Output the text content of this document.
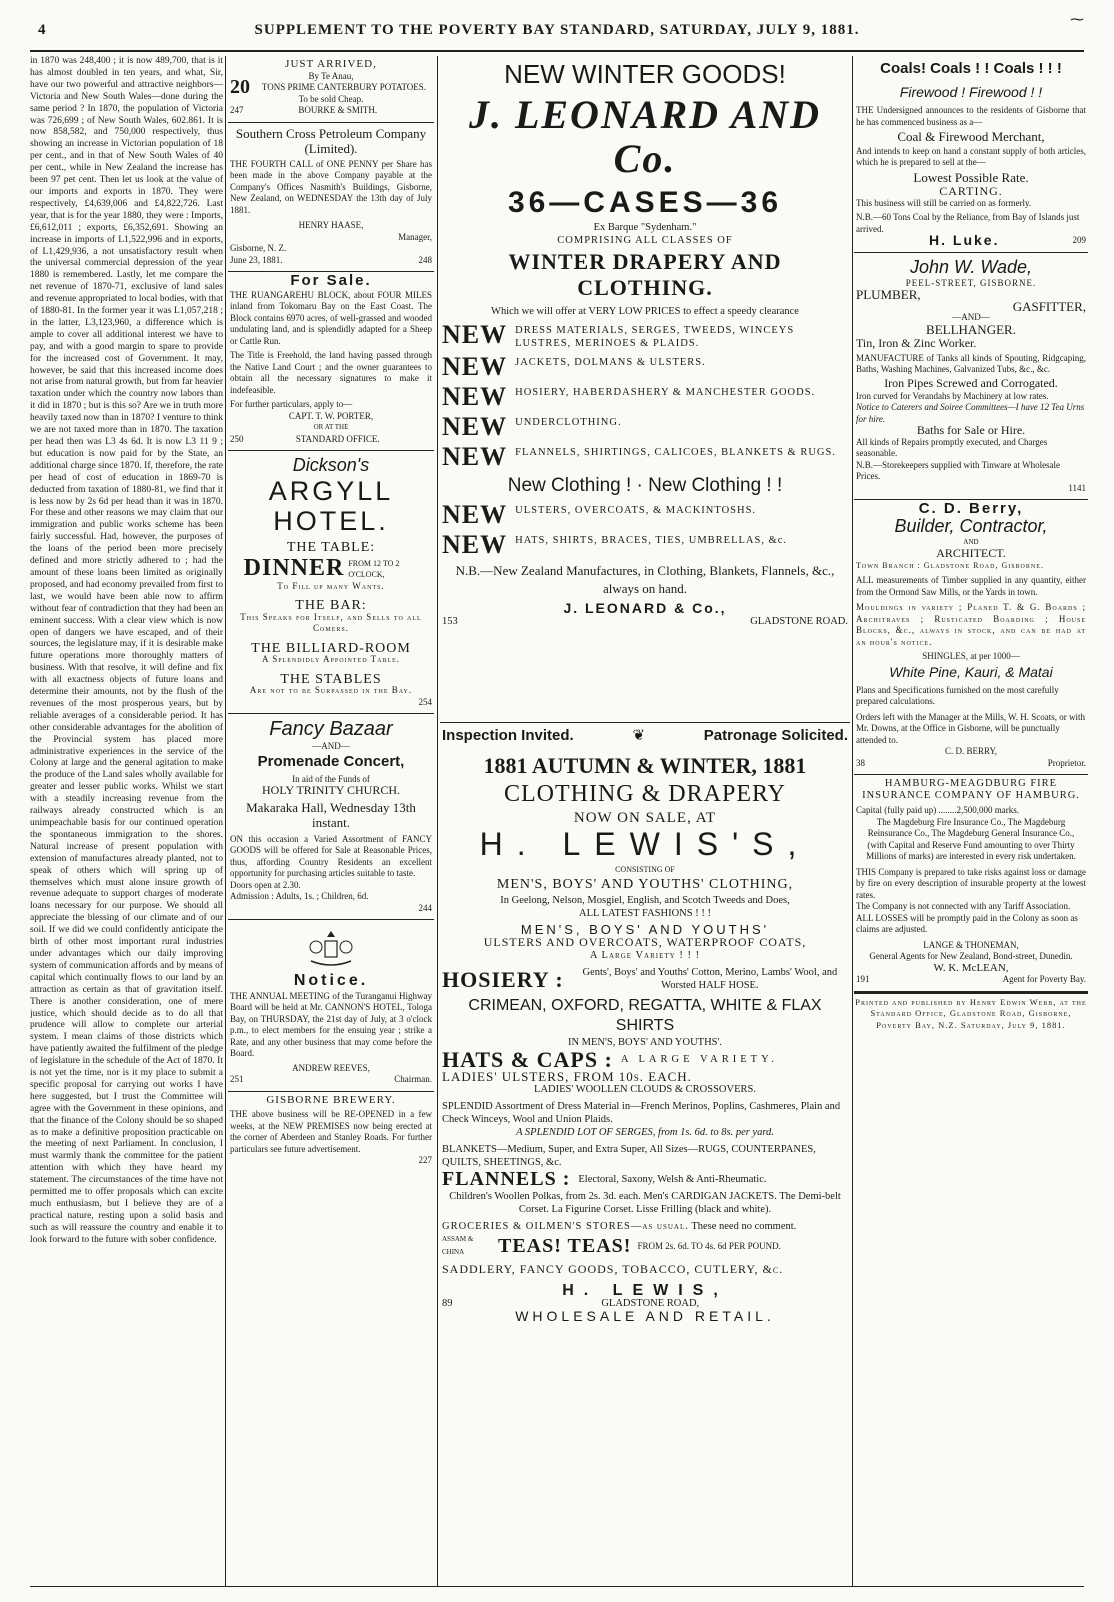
4	SUPPLEMENT TO THE POVERTY BAY STANDARD, SATURDAY, JULY 9, 1881.
⁓

in 1870 was 248,400 ; it is now 489,700, that is it has almost doubled in ten years, and what, Sir, have our two powerful and attractive neighbors—Victoria and New South Wales—done during the same period ? In 1870, the population of Victoria was 726,699 ; of New South Wales, 602.861. It is now 858,582, and 750,000 respectively, thus showing an increase in Victorian population of 18 per cent., and in that of New South Wales of 40 per cent., while in New Zealand the increase has been 97 pet cent. Then let us look at the value of our imports and exports in 1870. They were respectively, £4,639,006 and £4,822,726. Last year, that is for the year 1880, they were : Imports, £6,612,011 ; exports, £6,352,691. Showing an increase in imports of L1,522,996 and in exports, of L1,429,936, a not unsatisfactory result when the universal commercial depression of the year 1880 is remembered. Lastly, let me compare the net revenue of 1870-71, exclusive of land sales and revenue appropriated to local bodies, with that of 1880-81. In the former year it was L1,057,218 ; in the latter, L3,123,960, a difference which is ample to cover all additional interest we have to pay, and with a good margin to spare to provide for the increased cost of Government. It may, however, be said that this increased income does not arise from natural growth, but from far heavier taxation under which the country now labors than it did in 1870 ; but is this so? Are we in truth more heavily taxed now than in 1870? I venture to think we are not taxed more than in 1870. The taxation per head then was L3 4s 6d. It is now L3 11 9 ; but education is now paid for by the State, an additional charge since 1870. If, therefore, the rate per head of cost of education in 1869-70 is deducted from taxation of 1880-81, we find that it is less now by 2s 6d per head than it was in 1870. For these and other reasons we may claim that our immigration and public works scheme has been fairly successful. Had, however, the purposes of the loans of the period been more precisely defined and more strictly adhered to ; had the amount of these loans been limited as originally proposed, and had economy prevailed from first to last, we would have been able now to affirm without fear of contradiction that they had been an eminent success. With a clear view which is now open of dangers we have escaped, and of their sources, the legislature may, if it is desirable make future operations more thoroughly matters of business. With that resolve, it will define and fix with all exactness objects of future loans and determine their amounts, not by the flush of the revenues of the most prosperous years, but by reliable averages of a considerable period. It has other considerable advantages for the abolition of the Provincial system has placed more administrative experiences in the service of the Colony at large and the general agitation to make the produce of the Land sales wholly available for greater and lesser public works. Whilst we start with a steadily increasing revenue from the railways already constructed which is an unimpeachable basis for our continued operation the spontaneous immigration to the shores. Natural increase of present population with extension of manufactures already planted, not to speak of others which will spring up of themselves which must alone insure growth of revenue adequate to support charges of moderate loans necessary for our purpose. We should all appreciate the blessing of our climate and of our soil. If we did we could confidently anticipate the birth of other most important rural industries under advantages which our daily improving system of communication affords and by means of capital which continually flows to our land by an attraction as certain as that of gravitation itself. There is another consideration, one of mere justice, which should decide as to do all that prudence will allow to complete our arterial system. I mean claims of those districts which have patiently awaited the fulfilment of the pledge of legislature in the schedule of the Act of 1870. It is not yet the time, nor is it my place to submit a specific proposal for carrying out works I have here suggested, but I trust the Committee will agree with the Government in these opinions, and that the finance of the Colony should be so shaped as to make a definitive proposition practicable on the meeting of next Parliament. In conclusion, I must warmly thank the committee for the patient attention with which they have heard my statement. The circumstances of the time have not permitted me to offer proposals which can excite much enthusiasm, but I believe they are of a practical nature, resting upon a solid basis and such as will reassure the country and enable it to look forward to the future with sober confidence.

JUST ARRIVED,
By Te Anau,
20	TONS PRIME CANTERBURY POTATOES.
To be sold Cheap.
247	BOURKE & SMITH.
Southern Cross Petroleum Company (Limited).
THE FOURTH CALL of ONE PENNY per Share has been made in the above Company payable at the Company's Offices Nasmith's Buildings, Gisborne, New Zealand, on WEDNESDAY the 13th day of July 1881.
HENRY HAASE,
Manager,
Gisborne, N. Z.
June 23, 1881.	248
For Sale.
THE RUANGAREHU BLOCK, about FOUR MILES inland from Tokomaru Bay on the East Coast. The Block contains 6970 acres, of well-grassed and wooded undulating land, and is splendidly adapted for a Sheep or Cattle Run.
The Title is Freehold, the land having passed through the Native Land Court ; and the owner guarantees to obtain all the necessary signatures to make it indefeasible.
For further particulars, apply to—
CAPT. T. W. PORTER,
OR AT THE
250	STANDARD OFFICE.
Dickson's
ARGYLL HOTEL.
THE TABLE:
DINNER FROM 12 TO 2 O'CLOCK,
To Fill up many Wants.
THE BAR:
This Speaks for Itself, and Sells to all Comers.
THE BILLIARD-ROOM
A Splendidly Appointed Table.
THE STABLES
Are not to be Surpassed in the Bay.
254
Fancy Bazaar
—AND—
Promenade Concert,
In aid of the Funds of
HOLY TRINITY CHURCH.
Makaraka Hall, Wednesday 13th instant.
ON this occasion a Varied Assortment of FANCY GOODS will be offered for Sale at Reasonable Prices, thus, affording Country Residents an excellent opportunity for purchasing articles suitable to taste.
Doors open at 2.30.
Admission : Adults, 1s. ; Children, 6d.
244
Notice.
THE ANNUAL MEETING of the Turanganui Highway Board will be held at Mr. CANNON'S HOTEL, Tologa Bay, on THURSDAY, the 21st day of July, at 3 o'clock p.m., to elect members for the ensuing year ; strike a Rate, and any other business that may come before the Board.
ANDREW REEVES,
251	Chairman.
GISBORNE BREWERY.
THE above business will be RE-OPENED in a few weeks, at the NEW PREMISES now being erected at the corner of Aberdeen and Stanley Roads. For further particulars see future advertisement.
227
NEW WINTER GOODS!
J. LEONARD AND Co.
36—CASES—36
Ex Barque "Sydenham."
COMPRISING ALL CLASSES OF
WINTER DRAPERY AND CLOTHING.
Which we will offer at VERY LOW PRICES to effect a speedy clearance
NEW DRESS MATERIALS, SERGES, TWEEDS, WINCEYS LUSTRES, MERINOES & PLAIDS.
NEW JACKETS, DOLMANS & ULSTERS.
NEW HOSIERY, HABERDASHERY & MANCHESTER GOODS.
NEW UNDERCLOTHING.
NEW FLANNELS, SHIRTINGS, CALICOES, BLANKETS & RUGS.
New Clothing ! · New Clothing ! !
NEW ULSTERS, OVERCOATS, & MACKINTOSHS.
NEW HATS, SHIRTS, BRACES, TIES, UMBRELLAS, &c.
N.B.—New Zealand Manufactures, in Clothing, Blankets, Flannels, &c., always on hand.
J. LEONARD & Co.,
153	GLADSTONE ROAD.
Inspection Invited.	❦	Patronage Solicited.
1881 AUTUMN & WINTER, 1881
CLOTHING & DRAPERY
NOW ON SALE, AT
H. LEWIS'S,
CONSISTING OF
MEN'S, BOYS' AND YOUTHS' CLOTHING,
In Geelong, Nelson, Mosgiel, English, and Scotch Tweeds and Does,
ALL LATEST FASHIONS ! ! !
MEN'S, BOYS' AND YOUTHS'
ULSTERS AND OVERCOATS, WATERPROOF COATS,
A Large Variety ! ! !
HOSIERY :	Gents', Boys' and Youths' Cotton, Merino, Lambs' Wool, and Worsted HALF HOSE.
CRIMEAN, OXFORD, REGATTA, WHITE & FLAX SHIRTS
IN MEN'S, BOYS' AND YOUTHS'.
HATS & CAPS : A LARGE VARIETY.
LADIES' ULSTERS, FROM 10s. EACH.
LADIES' WOOLLEN CLOUDS & CROSSOVERS.
SPLENDID Assortment of Dress Material in—French Merinos, Poplins, Cashmeres, Plain and Check Winceys, Wool and Union Plaids.
A SPLENDID LOT OF SERGES, from 1s. 6d. to 8s. per yard.
BLANKETS—Medium, Super, and Extra Super, All Sizes—RUGS, COUNTERPANES, QUILTS, SHEETINGS, &c.
FLANNELS : Electoral, Saxony, Welsh & Anti-Rheumatic.
Children's Woollen Polkas, from 2s. 3d. each. Men's CARDIGAN JACKETS. The Demi-belt Corset. La Figurine Corset. Lisse Frilling (black and white).
GROCERIES & OILMEN'S STORES—as usual. These need no comment.
ASSAM & CHINA	TEAS! TEAS! FROM 2s. 6d. TO 4s. 6d PER POUND.
SADDLERY, FANCY GOODS, TOBACCO, CUTLERY, &c.
H. LEWIS,
89	GLADSTONE ROAD,
WHOLESALE AND RETAIL.
Coals! Coals ! ! Coals ! ! !
Firewood ! Firewood ! !
THE Undersigned announces to the residents of Gisborne that he has commenced business as a—
Coal & Firewood Merchant,
And intends to keep on hand a constant supply of both articles, which he is prepared to sell at the—
Lowest Possible Rate.
CARTING.
This business will still be carried on as formerly.
N.B.—60 Tons Coal by the Reliance, from Bay of Islands just arrived.
H. Luke.	209
John W. Wade,
PEEL-STREET, GISBORNE.
PLUMBER,
GASFITTER,
—AND—
BELLHANGER.
Tin, Iron & Zinc Worker.
MANUFACTURE of Tanks all kinds of Spouting, Ridgcaping, Baths, Washing Machines, Galvanized Tubs, &c., &c.
Iron Pipes Screwed and Corrogated.
Iron curved for Verandahs by Machinery at low rates.
Notice to Caterers and Soiree Committees—I have 12 Tea Urns for hire.
Baths for Sale or Hire.
All kinds of Repairs promptly executed, and Charges seasonable.
N.B.—Storekeepers supplied with Tinware at Wholesale Prices.
1141
C. D. Berry,
Builder, Contractor,
AND
ARCHITECT.
Town Branch : Gladstone Road, Gisborne.
ALL measurements of Timber supplied in any quantity, either from the Ormond Saw Mills, or the Yards in town.
Mouldings in variety ; Planed T. & G. Boards ; Architraves ; Rusticated Boarding ; House Blocks, &c., always in stock, and can be had at an hour's notice.
SHINGLES, at per 1000—
White Pine, Kauri, & Matai
Plans and Specifications furnished on the most carefully prepared calculations.
Orders left with the Manager at the Mills, W. H. Scoats, or with Mr. Downs, at the Office in Gisborne, will be punctually attended to.
C. D. BERRY,
38	Proprietor.
HAMBURG-MEAGDBURG FIRE INSURANCE COMPANY OF HAMBURG.
Capital (fully paid up) ........2,500,000 marks.
The Magdeburg Fire Insurance Co., The Magdeburg Reinsurance Co., The Magdeburg General Insurance Co.,
(with Capital and Reserve Fund amounting to over Thirty Millions of marks) are interested in every risk undertaken.
THIS Company is prepared to take risks against loss or damage by fire on every description of insurable property at the lowest rates.
The Company is not connected with any Tariff Association.
ALL LOSSES will be promptly paid in the Colony as soon as claims are adjusted.
LANGE & THONEMAN,
General Agents for New Zealand, Bond-street, Dunedin.
W. K. McLEAN,
191	Agent for Poverty Bay.
Printed and published by Henry Edwin Webb, at the Standard Office, Gladstone Road, Gisborne, Poverty Bay, N.Z. Saturday, July 9, 1881.
